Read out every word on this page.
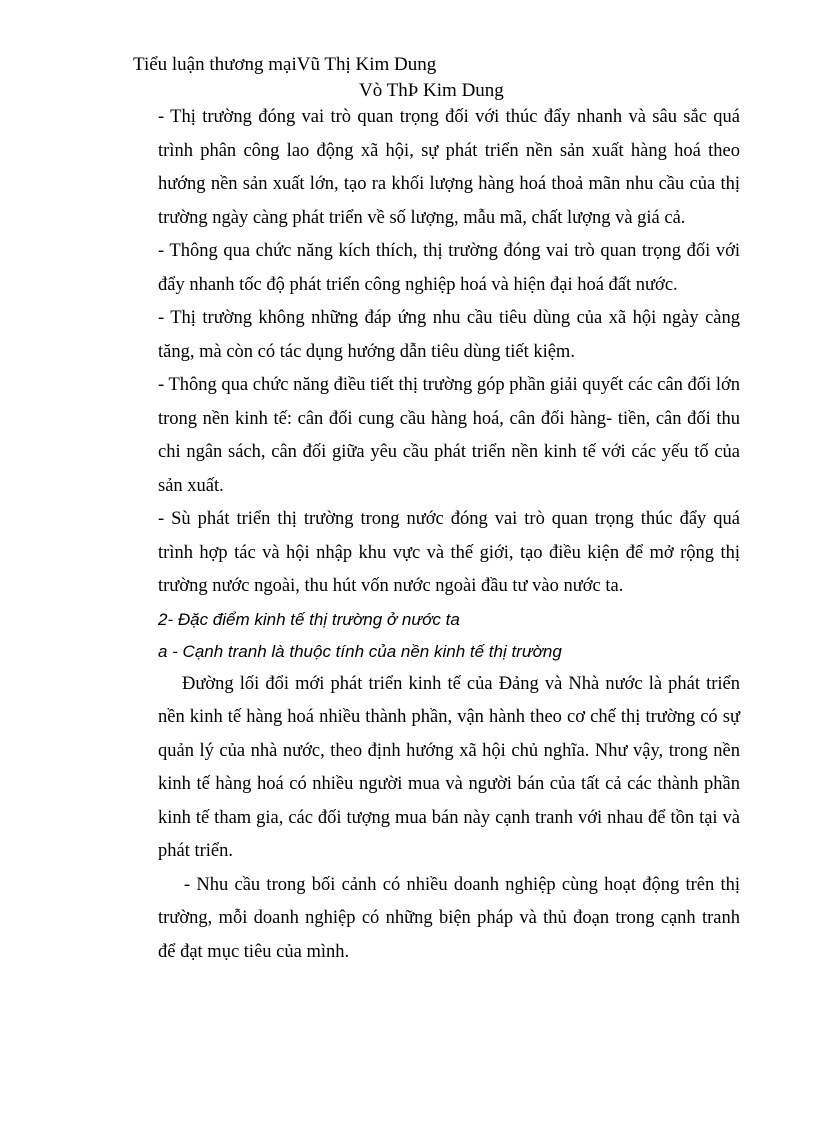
Tiểu luận thương mạiVũ Thị Kim Dung
Vò ThÞ Kim Dung

- Thị trường đóng vai trò quan trọng đối với thúc đẩy nhanh và sâu sắc quá trình phân công lao động xã hội, sự phát triển nền sản xuất hàng hoá theo hướng nền sản xuất lớn, tạo ra khối lượng hàng hoá thoả mãn nhu cầu của thị trường ngày càng phát triển về số lượng, mẫu mã, chất lượng và giá cả.

- Thông qua chức năng kích thích, thị trường đóng vai trò quan trọng đối với đẩy nhanh tốc độ phát triển công nghiệp hoá và hiện đại hoá đất nước.

- Thị trường không những đáp ứng nhu cầu tiêu dùng của xã hội ngày càng tăng, mà còn có tác dụng hướng dẫn tiêu dùng tiết kiệm.

- Thông qua chức năng điều tiết thị trường góp phần giải quyết các cân đối lớn trong nền kinh tế: cân đối cung cầu hàng hoá, cân đối hàng- tiền, cân đối thu chi ngân sách, cân đối giữa yêu cầu phát triển nền kinh tế với các yếu tố của sản xuất.

- Sù phát triển thị trường trong nước đóng vai trò quan trọng thúc đẩy quá trình hợp tác và hội nhập khu vực và thế giới, tạo điều kiện để mở rộng thị trường nước ngoài, thu hút vốn nước ngoài đầu tư vào nước ta.

2- Đặc điểm kinh tế thị trường ở nước ta

a - Cạnh tranh là thuộc tính của nền kinh tế thị trường

Đường lối đổi mới phát triển kinh tế của Đảng và Nhà nước là phát triển nền kinh tế hàng hoá nhiều thành phần, vận hành theo cơ chế thị trường có sự quản lý của nhà nước, theo định hướng xã hội chủ nghĩa. Như vậy, trong nền kinh tế hàng hoá có nhiều người mua và người bán của tất cả các thành phần kinh tế tham gia, các đối tượng mua bán này cạnh tranh với nhau để tồn tại và phát triển.

- Nhu cầu trong bối cảnh có nhiều doanh nghiệp cùng hoạt động trên thị trường, mỗi doanh nghiệp có những biện pháp và thủ đoạn trong cạnh tranh để đạt mục tiêu của mình.
